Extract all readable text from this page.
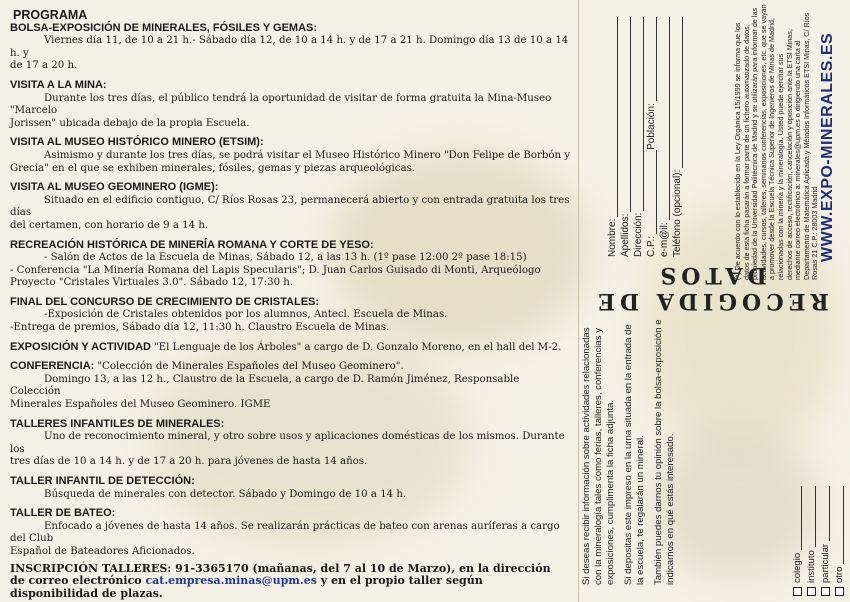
PROGRAMA
BOLSA-EXPOSICIÓN DE MINERALES, FÓSILES Y GEMAS:
Viernes día 11, de 10 a 21 h.- Sábado día 12, de 10 a 14 h. y de 17 a 21 h. Domingo día 13 de 10 a 14 h. y
de 17 a 20 h.
VISITA A LA MINA:
Durante los tres días, el público tendrá la oportunidad de visitar de forma gratuita la Mina-Museo "Marcelo
Jorissen" ubicada debajo de la propia Escuela.
VISITA AL MUSEO HISTÓRICO MINERO (ETSIM):
Asimismo y durante los tres días, se podrá visitar el Museo Histórico Minero "Don Felipe de Borbón y
Grecia" en el que se exhiben minerales, fósiles, gemas y piezas arqueológicas.
VISITA AL MUSEO GEOMINERO (IGME):
Situado en el edificio contiguo, C/ Ríos Rosas 23, permanecerá abierto y con entrada gratuita los tres días
del certamen, con horario de 9 a 14 h.
RECREACIÓN HISTÓRICA DE MINERÍA ROMANA Y CORTE DE YESO:
- Salón de Actos de la Escuela de Minas, Sábado 12, a las 13 h. (1º pase 12:00 2º pase 18:15)
- Conferencia "La Minería Romana del Lapis Specularis"; D. Juan Carlos Guisado di Monti, Arqueólogo
Proyecto "Cristales Virtuales 3.0". Sábado 12, 17:30 h.
FINAL DEL CONCURSO DE CRECIMIENTO DE CRISTALES:
-Exposición de Cristales obtenidos por los alumnos, Antecl. Escuela de Minas.
-Entrega de premios, Sábado día 12, 11:30 h. Claustro Escuela de Minas.
EXPOSICIÓN Y ACTIVIDAD "El Lenguaje de los Árboles" a cargo de D. Gonzalo Moreno, en el hall del M-2.
CONFERENCIA: "Colección de Minerales Españoles del Museo Geominero".
Domingo 13, a las 12 h., Claustro de la Escuela, a cargo de D. Ramón Jiménez, Responsable Colección
Minerales Españoles del Museo Geominero. IGME
TALLERES INFANTILES DE MINERALES:
Uno de reconocimiento mineral, y otro sobre usos y aplicaciones domésticas de los mismos. Durante los
tres días de 10 a 14 h. y de 17 a 20 h. para jóvenes de hasta 14 años.
TALLER INFANTIL DE DETECCIÓN:
Búsqueda de minerales con detector. Sábado y Domingo de 10 a 14 h.
TALLER DE BATEO:
Enfocado a jóvenes de hasta 14 años. Se realizarán prácticas de bateo con arenas auríferas a cargo del Club
Español de Bateadores Aficionados.
INSCRIPCIÓN TALLERES: 91-3365170 (mañanas, del 7 al 10 de Marzo), en la dirección
de correo electrónico cat.empresa.minas@upm.es y en el propio taller según disponibilidad de plazas.
WWW.EXPO-MINERALES.ES
(*) De acuerdo con lo establecido en la Ley Orgánica 15/1999 se informa que los datos de esta ficha pasarán a formar parte de un fichero automatizado de datos, propiedad de la Universidad Politécnica de Madrid y se utilizarán para informar de las actividades, cursos, talleres, seminarios conferencias, exposiciones, etc. que se vayan a promover desde la Escuela Técnica Superior de Ingenieros de Minas de Madrid, relacionadas con la minería y la mineralogía. Usted puede ejercitar sus derechos de acceso, rectificación, cancelación y oposición ante la ETSI Minas, mediante correo electrónico a: minerales@upm.es o dirigiendo una carta al Departamento de Matemática Aplicada y Métodos Informáticos ETSI Minas, C/ Ríos Rosas 21 C.P.: 28003 Madrid
RECOGIDA DE DATOS
Nombre: Apellidos: Dirección: C.P.:
Población:
e-m@il: Teléfono (opcional):
Si deseas recibir información sobre actividades relacionadas con la mineralogía tales como ferias, talleres, conferencias y exposiciones, cumplimenta la ficha adjunta. Si depositas este impreso en la urna situada en la entrada de la escuela, te regalarán un mineral. También puedes darnos tu opinión sobre la bolsa-exposición e indicarnos en qué estás interesado.	colegio instituto particular otro
